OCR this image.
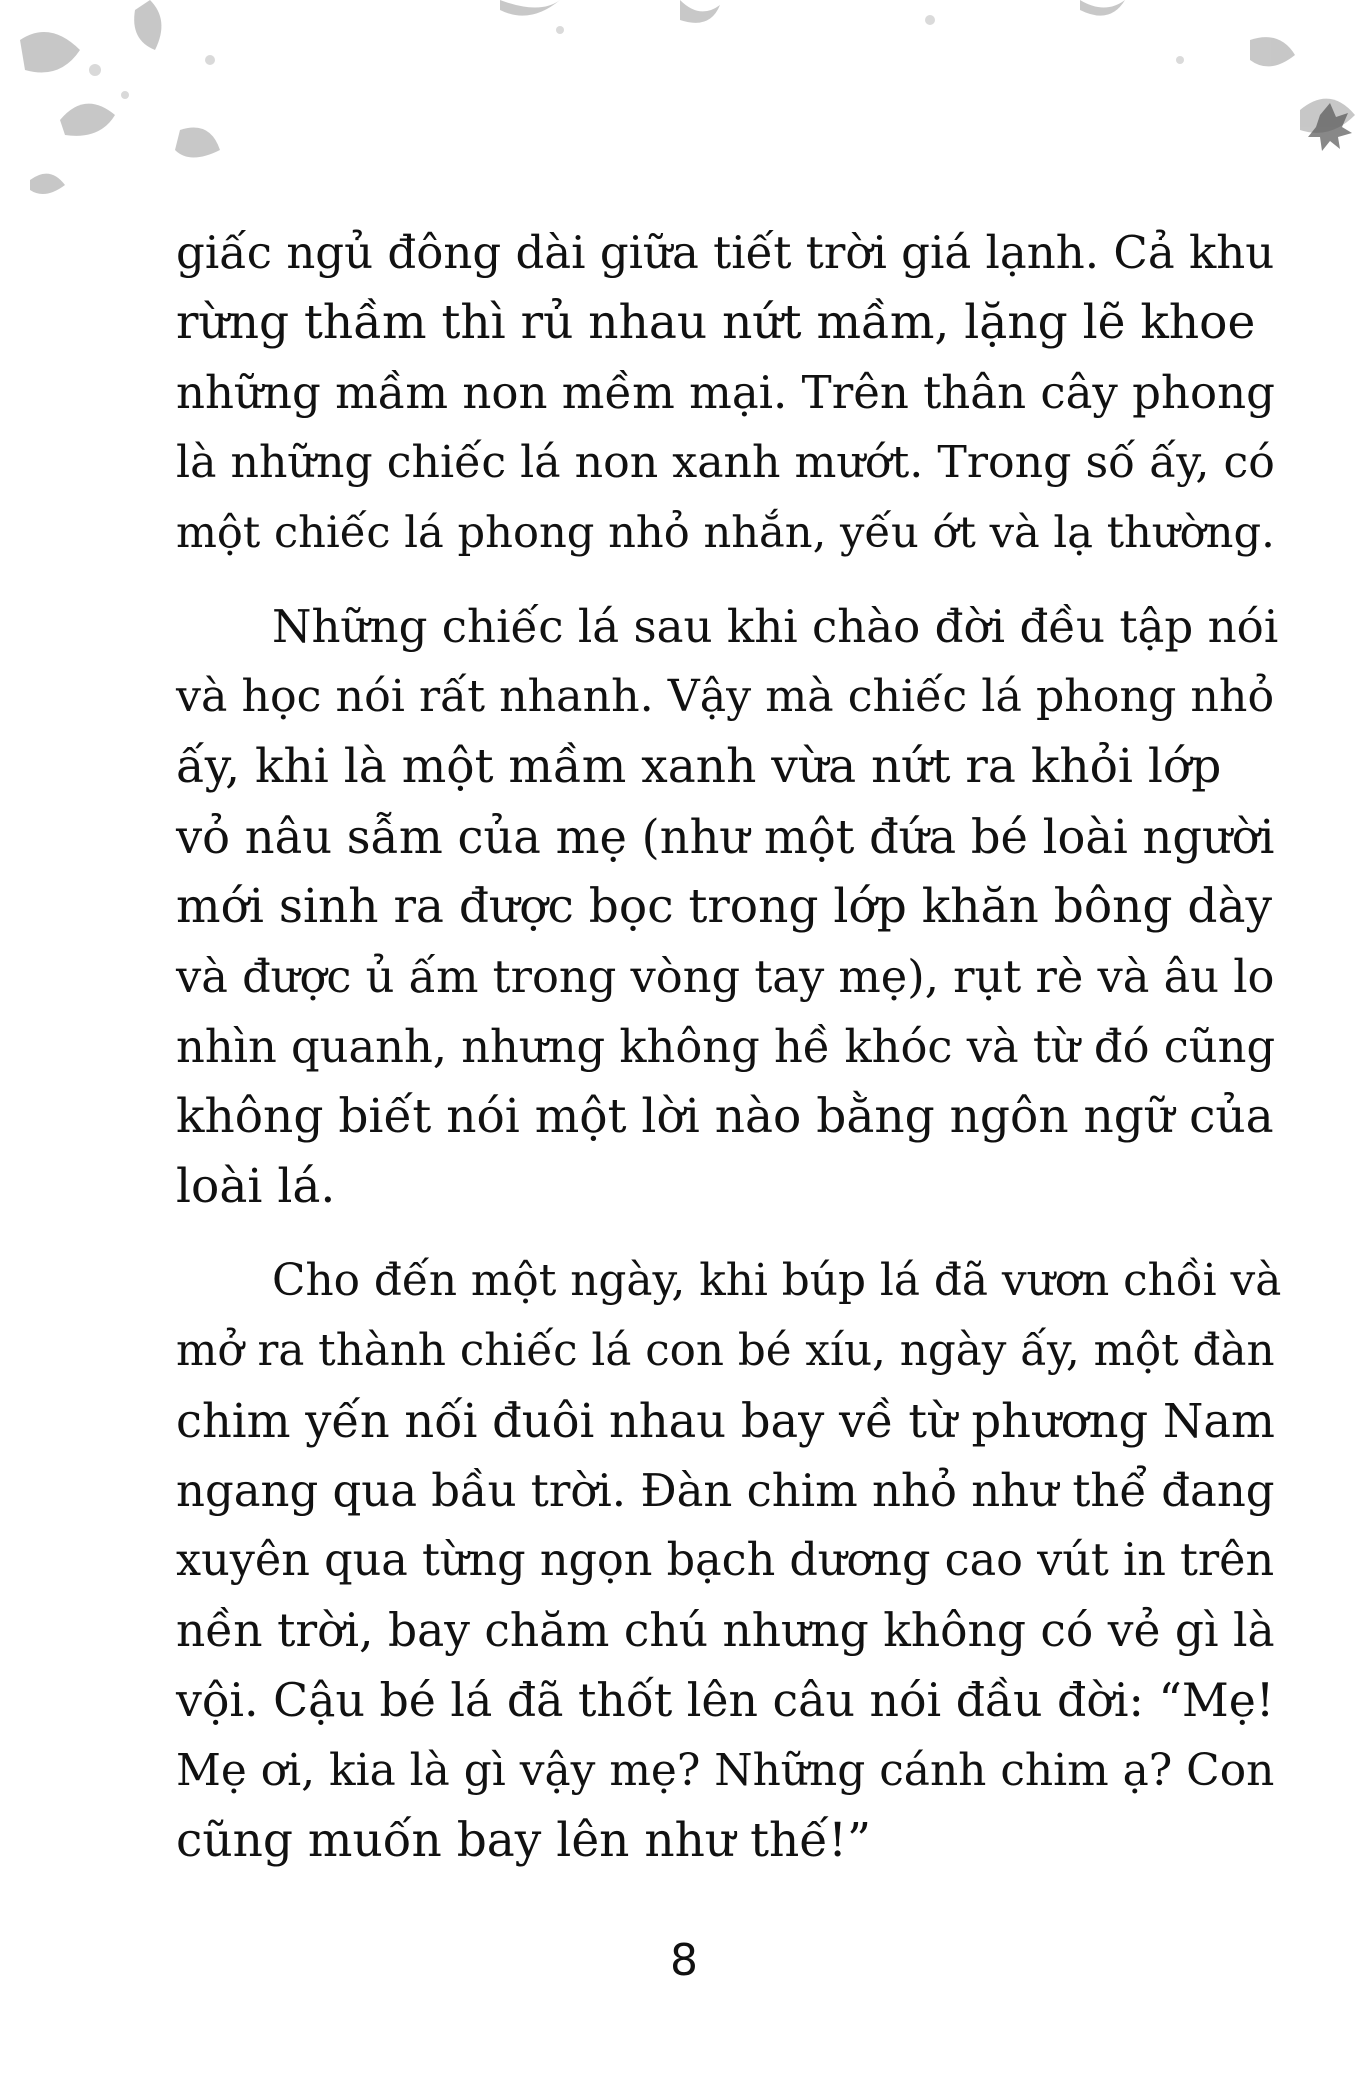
giấc ngủ đông dài giữa tiết trời giá lạnh. Cả khu
rừng thầm thì rủ nhau nứt mầm, lặng lẽ khoe
những mầm non mềm mại. Trên thân cây phong
là những chiếc lá non xanh mướt. Trong số ấy, có
một chiếc lá phong nhỏ nhắn, yếu ớt và lạ thường.
Những chiếc lá sau khi chào đời đều tập nói
và học nói rất nhanh. Vậy mà chiếc lá phong nhỏ
ấy, khi là một mầm xanh vừa nứt ra khỏi lớp
vỏ nâu sẫm của mẹ (như một đứa bé loài người
mới sinh ra được bọc trong lớp khăn bông dày
và được ủ ấm trong vòng tay mẹ), rụt rè và âu lo
nhìn quanh, nhưng không hề khóc và từ đó cũng
không biết nói một lời nào bằng ngôn ngữ của
loài lá.
Cho đến một ngày, khi búp lá đã vươn chồi và
mở ra thành chiếc lá con bé xíu, ngày ấy, một đàn
chim yến nối đuôi nhau bay về từ phương Nam
ngang qua bầu trời. Đàn chim nhỏ như thể đang
xuyên qua từng ngọn bạch dương cao vút in trên
nền trời, bay chăm chú nhưng không có vẻ gì là
vội. Cậu bé lá đã thốt lên câu nói đầu đời: “Mẹ!
Mẹ ơi, kia là gì vậy mẹ? Những cánh chim ạ? Con
cũng muốn bay lên như thế!”
8
